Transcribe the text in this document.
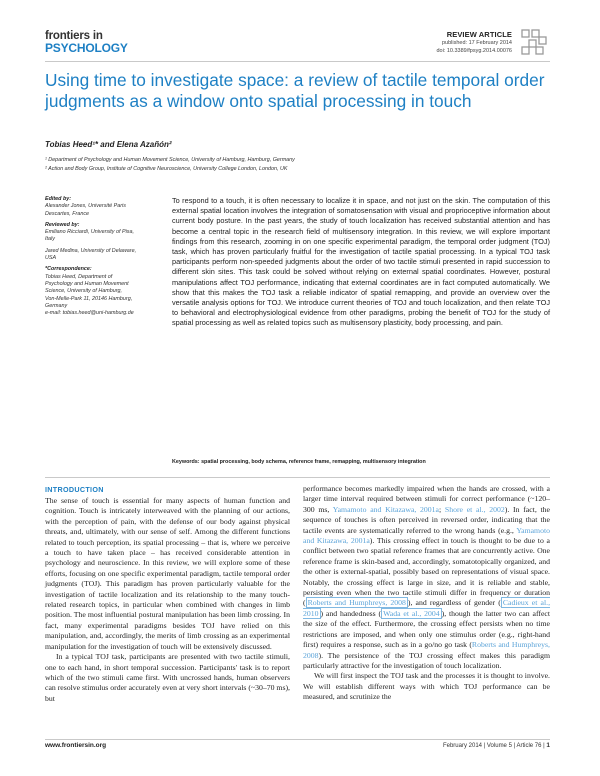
frontiers in
PSYCHOLOGY
REVIEW ARTICLE
published: 17 February 2014
doi: 10.3389/fpsyg.2014.00076
Using time to investigate space: a review of tactile temporal order judgments as a window onto spatial processing in touch
Tobias Heed¹* and Elena Azañón²
¹ Department of Psychology and Human Movement Science, University of Hamburg, Hamburg, Germany
² Action and Body Group, Institute of Cognitive Neuroscience, University College London, London, UK
Edited by:
Alexander Jones, Université Paris
Descartes, France
Reviewed by:
Emiliano Ricciardi, University of Pisa,
Italy
Jared Medina, University of Delaware,
USA
*Correspondence:
Tobias Heed, Department of
Psychology and Human Movement
Science, University of Hamburg,
Von-Melle-Park 11, 20146 Hamburg,
Germany
e-mail: tobias.heed@uni-hamburg.de

To respond to a touch, it is often necessary to localize it in space, and not just on the skin. The computation of this external spatial location involves the integration of somatosensation with visual and proprioceptive information about current body posture. In the past years, the study of touch localization has received substantial attention and has become a central topic in the research field of multisensory integration. In this review, we will explore important findings from this research, zooming in on one specific experimental paradigm, the temporal order judgment (TOJ) task, which has proven particularly fruitful for the investigation of tactile spatial processing. In a typical TOJ task participants perform non-speeded judgments about the order of two tactile stimuli presented in rapid succession to different skin sites. This task could be solved without relying on external spatial coordinates. However, postural manipulations affect TOJ performance, indicating that external coordinates are in fact computed automatically. We show that this makes the TOJ task a reliable indicator of spatial remapping, and provide an overview over the versatile analysis options for TOJ. We introduce current theories of TOJ and touch localization, and then relate TOJ to behavioral and electrophysiological evidence from other paradigms, probing the benefit of TOJ for the study of spatial processing as well as related topics such as multisensory plasticity, body processing, and pain.

Keywords: spatial processing, body schema, reference frame, remapping, multisensory integration
INTRODUCTION

The sense of touch is essential for many aspects of human function and cognition. Touch is intricately interweaved with the planning of our actions, with the perception of pain, with the defense of our body against physical threats, and, ultimately, with our sense of self. Among the different functions related to touch perception, its spatial processing – that is, where we perceive a touch to have taken place – has received considerable attention in psychology and neuroscience. In this review, we will explore some of these efforts, focusing on one specific experimental paradigm, tactile temporal order judgments (TOJ). This paradigm has proven particularly valuable for the investigation of tactile localization and its relationship to the many touch-related research topics, in particular when combined with changes in limb position. The most influential postural manipulation has been limb crossing. In fact, many experimental paradigms besides TOJ have relied on this manipulation, and, accordingly, the merits of limb crossing as an experimental manipulation for the investigation of touch will be extensively discussed.

In a typical TOJ task, participants are presented with two tactile stimuli, one to each hand, in short temporal succession. Participants' task is to report which of the two stimuli came first. With uncrossed hands, human observers can resolve stimulus order accurately even at very short intervals (~30–70 ms), but

performance becomes markedly impaired when the hands are crossed, with a larger time interval required between stimuli for correct performance (~120–300 ms, Yamamoto and Kitazawa, 2001a; Shore et al., 2002). In fact, the sequence of touches is often perceived in reversed order, indicating that the tactile events are systematically referred to the wrong hands (e.g., Yamamoto and Kitazawa, 2001a). This crossing effect in touch is thought to be due to a conflict between two spatial reference frames that are concurrently active. One reference frame is skin-based and, accordingly, somatotopically organized, and the other is external-spatial, possibly based on representations of visual space. Notably, the crossing effect is large in size, and it is reliable and stable, persisting even when the two tactile stimuli differ in frequency or duration ( Roberts and Humphreys, 2008 ), and regardless of gender ( Cadieux et al., 2010 ) and handedness ( Wada et al., 2004 ), though the latter two can affect the size of the effect. Furthermore, the crossing effect persists when no time restrictions are imposed, and when only one stimulus order (e.g., right-hand first) requires a response, such as in a go/no go task (Roberts and Humphreys, 2008). The persistence of the TOJ crossing effect makes this paradigm particularly attractive for the investigation of touch localization.

We will first inspect the TOJ task and the processes it is thought to involve. We will establish different ways with which TOJ performance can be measured, and scrutinize the

www.frontiersin.org	February 2014 | Volume 5 | Article 76 | 1
